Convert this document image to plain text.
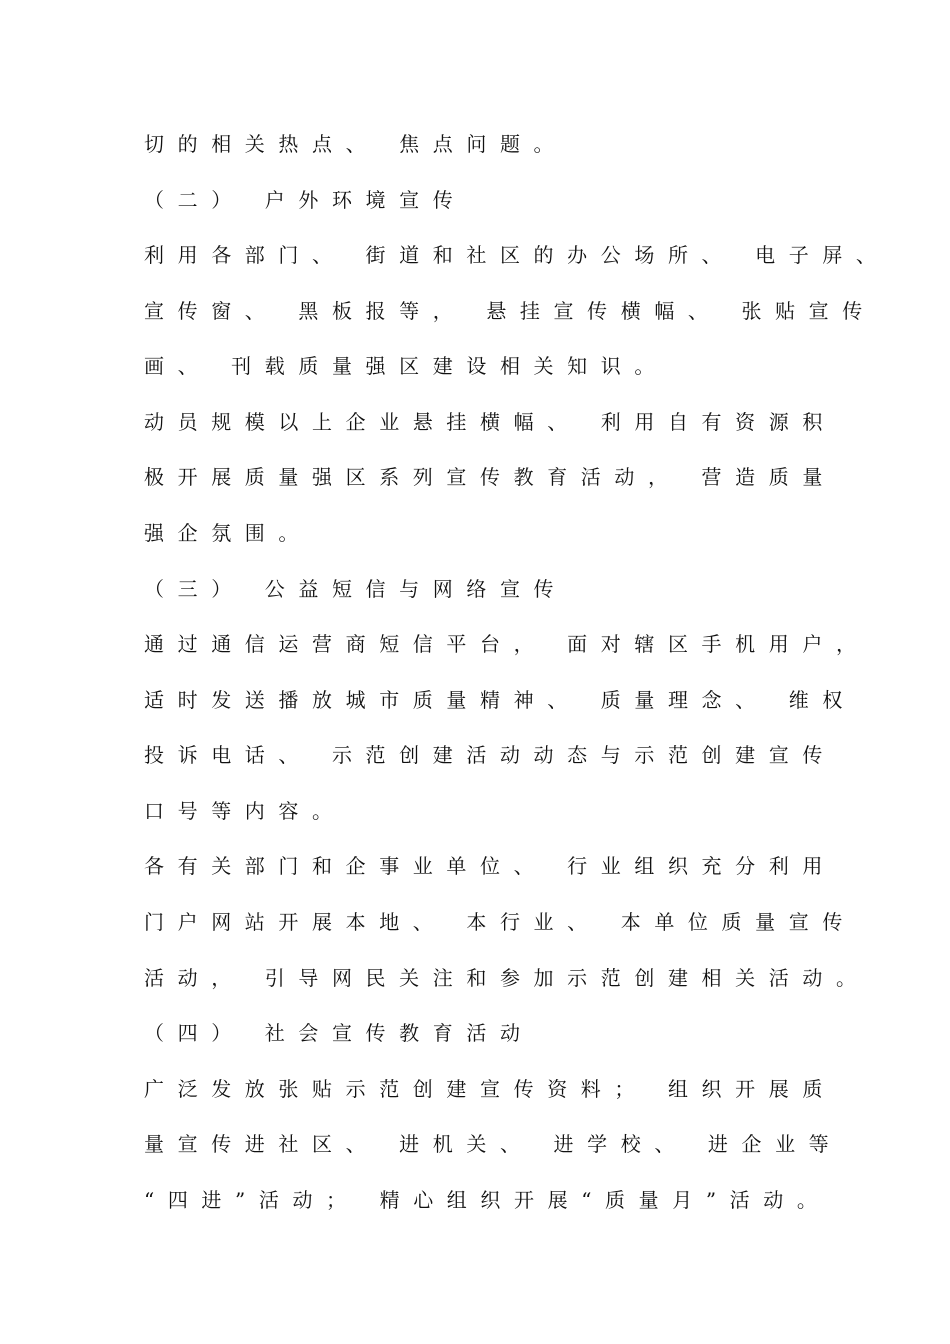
切的相关热点、 焦点问题。
（二） 户外环境宣传
利用各部门、 街道和社区的办公场所、 电子屏、
宣传窗、 黑板报等， 悬挂宣传横幅、 张贴宣传
画、 刊载质量强区建设相关知识。
动员规模以上企业悬挂横幅、 利用自有资源积
极开展质量强区系列宣传教育活动， 营造质量
强企氛围。
（三） 公益短信与网络宣传
通过通信运营商短信平台， 面对辖区手机用户，
适时发送播放城市质量精神、 质量理念、 维权
投诉电话、 示范创建活动动态与示范创建宣传
口号等内容。
各有关部门和企事业单位、 行业组织充分利用
门户网站开展本地、 本行业、 本单位质量宣传
活动， 引导网民关注和参加示范创建相关活动。
（四） 社会宣传教育活动
广泛发放张贴示范创建宣传资料； 组织开展质
量宣传进社区、 进机关、 进学校、 进企业等
“四进”活动； 精心组织开展“质量月”活动。
